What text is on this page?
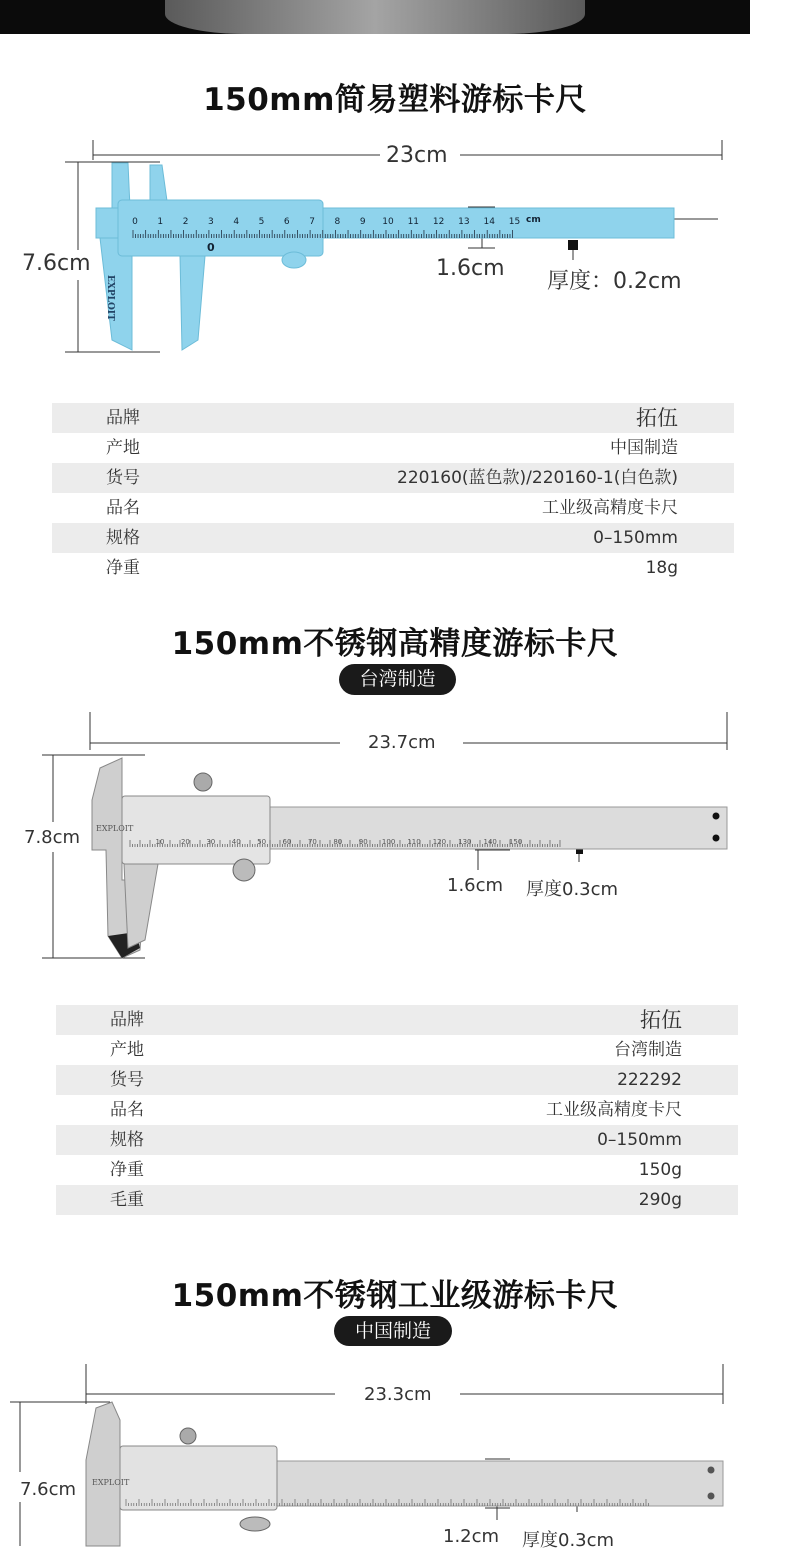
150mm简易塑料游标卡尺
0 1 2 3 4 5 6 7 8 9 10 11 12 13 14 15 cm
0
EXPLOIT
23cm
7.6cm	1.6cm
厚度：0.2cm
品牌	拓伍
产地	中国制造
货号	220160(蓝色款)/220160-1(白色款)
品名	工业级高精度卡尺
规格	0–150mm
净重	18g
150mm不锈钢高精度游标卡尺
台湾制造
10 20 30 40 50 60 70 80 90 100 110 120 130 140 150
EXPLOIT
23.7cm
7.8cm
1.6cm 厚度0.3cm
品牌	拓伍
产地	台湾制造
货号	222292
品名	工业级高精度卡尺
规格	0–150mm
净重	150g
毛重	290g
150mm不锈钢工业级游标卡尺
中国制造
EXPLOIT
23.3cm
7.6cm
1.2cm 厚度0.3cm
